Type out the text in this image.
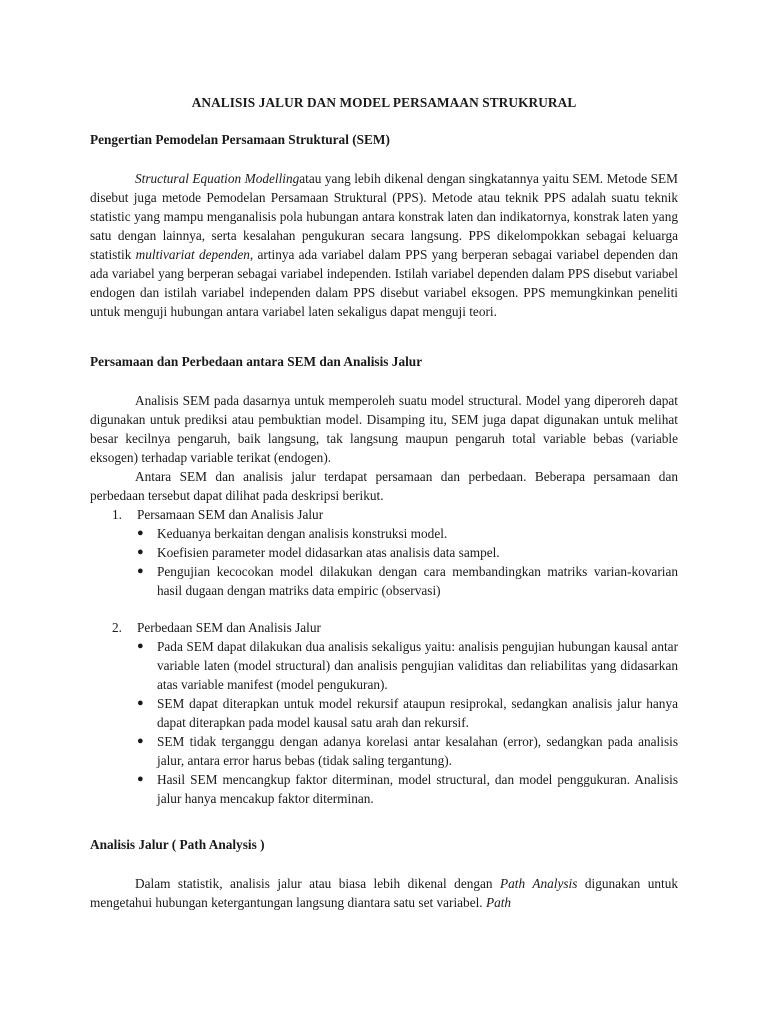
ANALISIS JALUR DAN MODEL PERSAMAAN STRUKRURAL
Pengertian Pemodelan Persamaan Struktural (SEM)

Structural Equation Modellingatau yang lebih dikenal dengan singkatannya yaitu SEM. Metode SEM disebut juga metode Pemodelan Persamaan Struktural (PPS). Metode atau teknik PPS adalah suatu teknik statistic yang mampu menganalisis pola hubungan antara konstrak laten dan indikatornya, konstrak laten yang satu dengan lainnya, serta kesalahan pengukuran secara langsung. PPS dikelompokkan sebagai keluarga statistik multivariat dependen, artinya ada variabel dalam PPS yang berperan sebagai variabel dependen dan ada variabel yang berperan sebagai variabel independen. Istilah variabel dependen dalam PPS disebut variabel endogen dan istilah variabel independen dalam PPS disebut variabel eksogen. PPS memungkinkan peneliti untuk menguji hubungan antara variabel laten sekaligus dapat menguji teori.

Persamaan dan Perbedaan antara SEM dan Analisis Jalur

Analisis SEM pada dasarnya untuk memperoleh suatu model structural. Model yang diperoreh dapat digunakan untuk prediksi atau pembuktian model. Disamping itu, SEM juga dapat digunakan untuk melihat besar kecilnya pengaruh, baik langsung, tak langsung maupun pengaruh total variable bebas (variable eksogen) terhadap variable terikat (endogen).

Antara SEM dan analisis jalur terdapat persamaan dan perbedaan. Beberapa persamaan dan perbedaan tersebut dapat dilihat pada deskripsi berikut.

1. Persamaan SEM dan Analisis Jalur
● Keduanya berkaitan dengan analisis konstruksi model.
● Koefisien parameter model didasarkan atas analisis data sampel.
● Pengujian kecocokan model dilakukan dengan cara membandingkan matriks varian-kovarian hasil dugaan dengan matriks data empiric (observasi)
2. Perbedaan SEM dan Analisis Jalur
● Pada SEM dapat dilakukan dua analisis sekaligus yaitu: analisis pengujian hubungan kausal antar variable laten (model structural) dan analisis pengujian validitas dan reliabilitas yang didasarkan atas variable manifest (model pengukuran).
● SEM dapat diterapkan untuk model rekursif ataupun resiprokal, sedangkan analisis jalur hanya dapat diterapkan pada model kausal satu arah dan rekursif.
● SEM tidak terganggu dengan adanya korelasi antar kesalahan (error), sedangkan pada analisis jalur, antara error harus bebas (tidak saling tergantung).
● Hasil SEM mencangkup faktor diterminan, model structural, dan model penggukuran. Analisis jalur hanya mencakup faktor diterminan.
Analisis Jalur ( Path Analysis )

Dalam statistik, analisis jalur atau biasa lebih dikenal dengan Path Analysis digunakan untuk mengetahui hubungan ketergantungan langsung diantara satu set variabel. Path
